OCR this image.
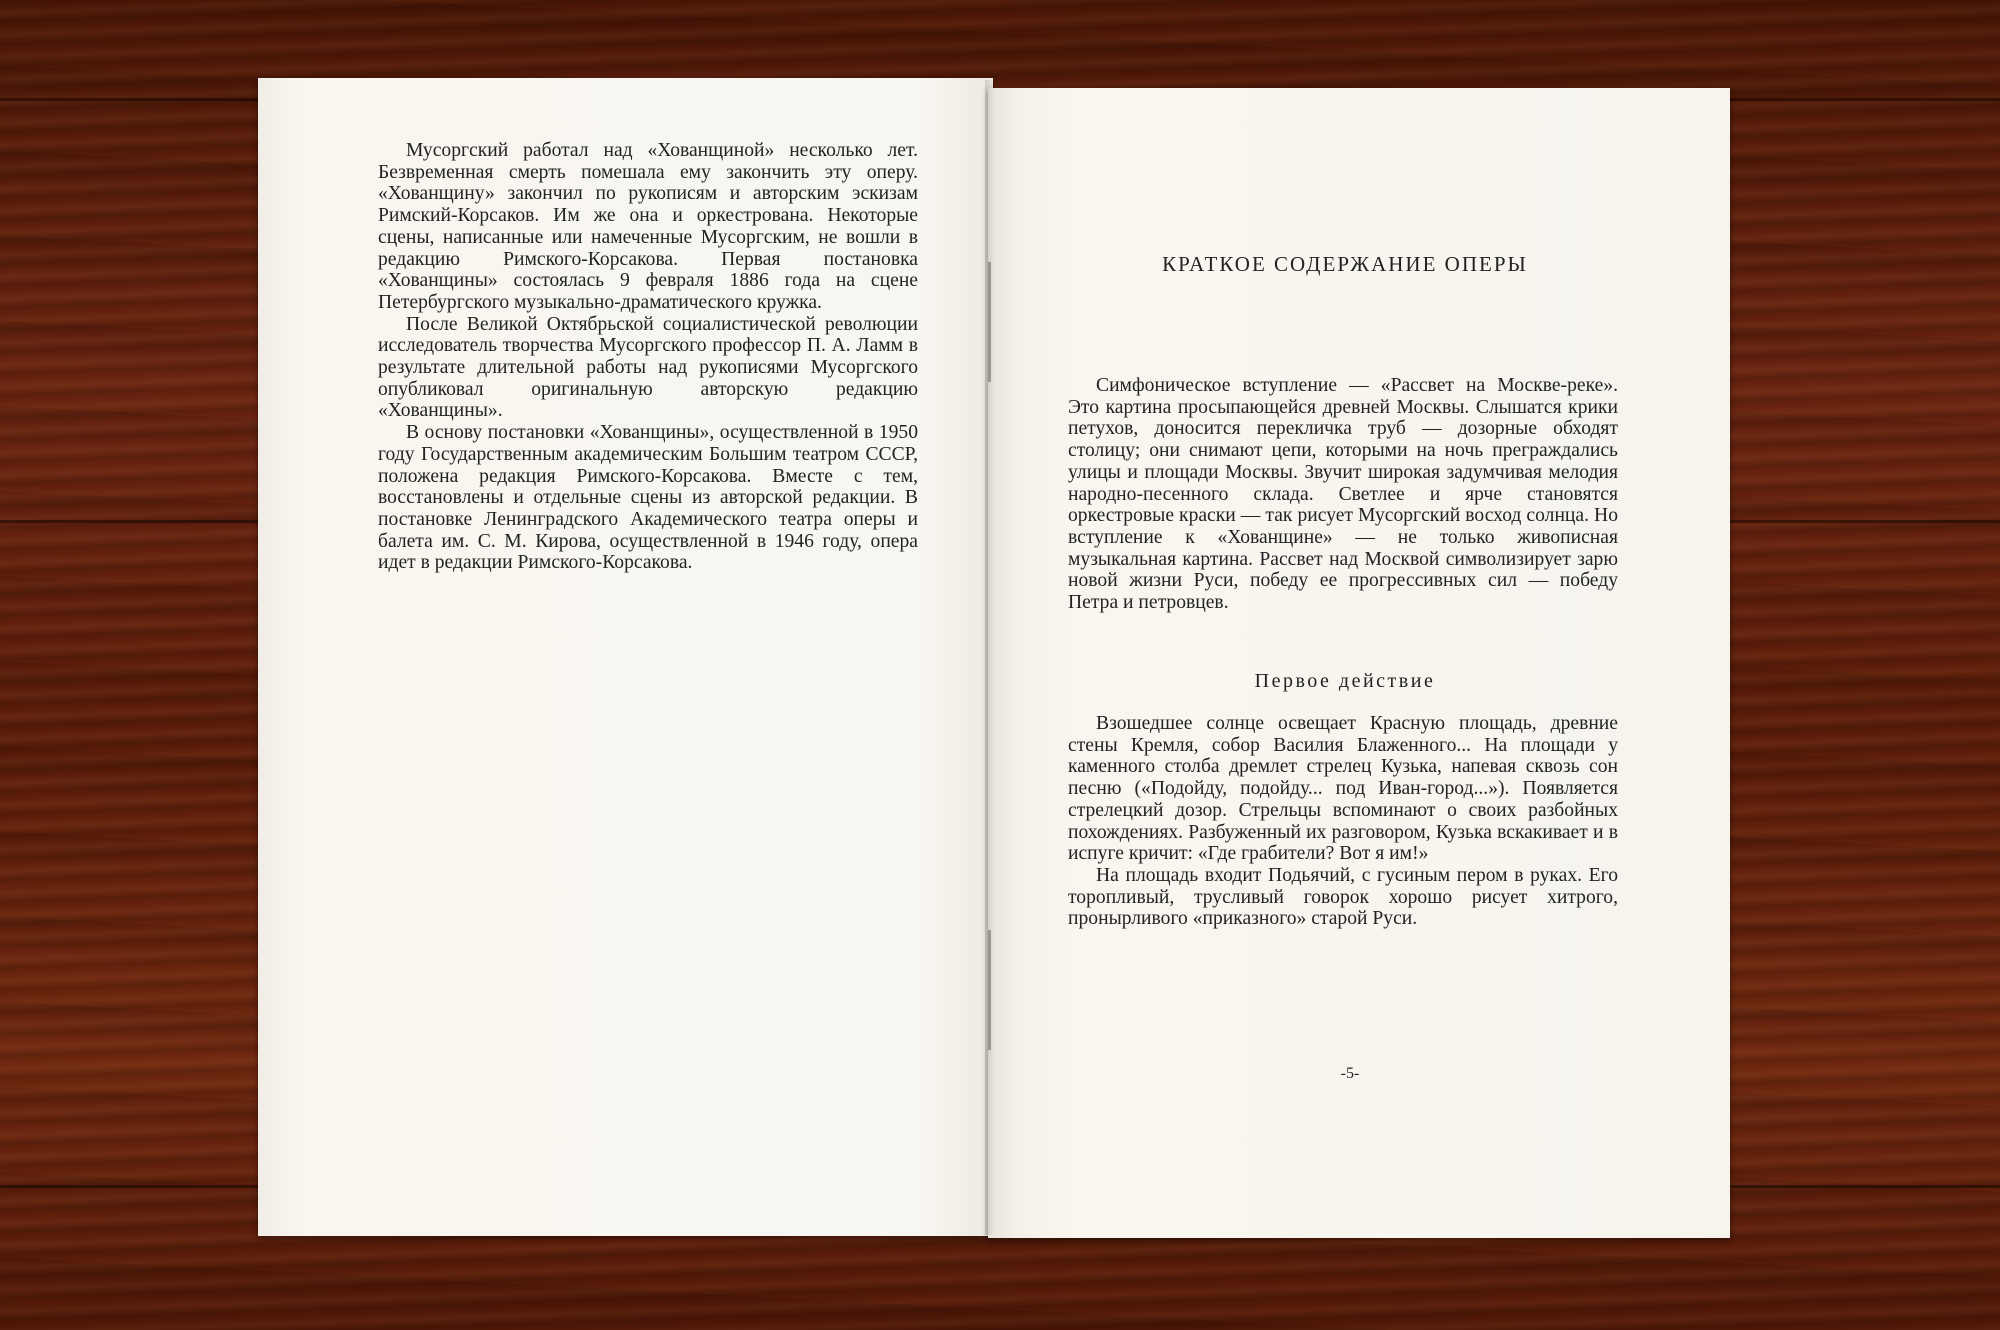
Мусоргский работал над «Хованщиной» несколько лет. Безвременная смерть помешала ему закончить эту оперу. «Хованщину» закончил по рукописям и авторским эскизам Римский-Корсаков. Им же она и оркестрована. Некоторые сцены, написанные или намеченные Мусоргским, не вошли в редакцию Римского-Корсакова. Первая постановка «Хованщины» состоялась 9 февраля 1886 года на сцене Петербургского музыкально-драматического кружка.

После Великой Октябрьской социалистической революции исследователь творчества Мусоргского профессор П. А. Ламм в результате длительной работы над рукописями Мусоргского опубликовал оригинальную авторскую редакцию «Хованщины».

В основу постановки «Хованщины», осуществленной в 1950 году Государственным академическим Большим театром СССР, положена редакция Римского-Корсакова. Вместе с тем, восстановлены и отдельные сцены из авторской редакции. В постановке Ленинградского Академического театра оперы и балета им. С. М. Кирова, осуществленной в 1946 году, опера идет в редакции Римского-Корсакова.

КРАТКОЕ СОДЕРЖАНИЕ ОПЕРЫ

Симфоническое вступление — «Рассвет на Москве-реке». Это картина просыпающейся древней Москвы. Слышатся крики петухов, доносится перекличка труб — дозорные обходят столицу; они снимают цепи, которыми на ночь преграждались улицы и площади Москвы. Звучит широкая задумчивая мелодия народно-песенного склада. Светлее и ярче становятся оркестровые краски — так рисует Мусоргский восход солнца. Но вступление к «Хованщине» — не только живописная музыкальная картина. Рассвет над Москвой символизирует зарю новой жизни Руси, победу ее прогрессивных сил — победу Петра и петровцев.

Первое действие

Взошедшее солнце освещает Красную площадь, древние стены Кремля, собор Василия Блаженного... На площади у каменного столба дремлет стрелец Кузька, напевая сквозь сон песню («Подойду, подойду... под Иван-город...»). Появляется стрелецкий дозор. Стрельцы вспоминают о своих разбойных похождениях. Разбуженный их разговором, Кузька вскакивает и в испуге кричит: «Где грабители? Вот я им!»

На площадь входит Подьячий, с гусиным пером в руках. Его торопливый, трусливый говорок хорошо рисует хитрого, пронырливого «приказного» старой Руси.

-5-
